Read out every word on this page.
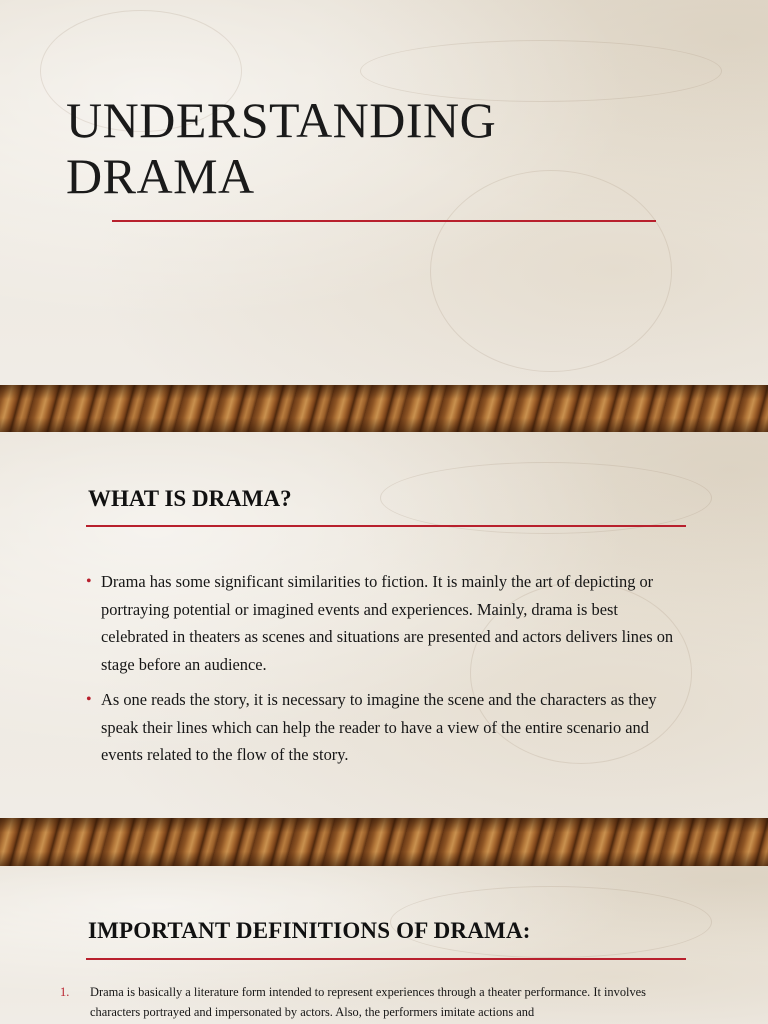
UNDERSTANDING
DRAMA
WHAT IS DRAMA?
• Drama has some significant similarities to fiction. It is mainly the art of depicting or portraying potential or imagined events and experiences. Mainly, drama is best celebrated in theaters as scenes and situations are presented and actors delivers lines on stage before an audience.
• As one reads the story, it is necessary to imagine the scene and the characters as they speak their lines which can help the reader to have a view of the entire scenario and events related to the flow of the story.
IMPORTANT DEFINITIONS OF DRAMA:
1. Drama is basically a literature form intended to represent experiences through a theater performance. It involves characters portrayed and impersonated by actors. Also, the performers imitate actions and
